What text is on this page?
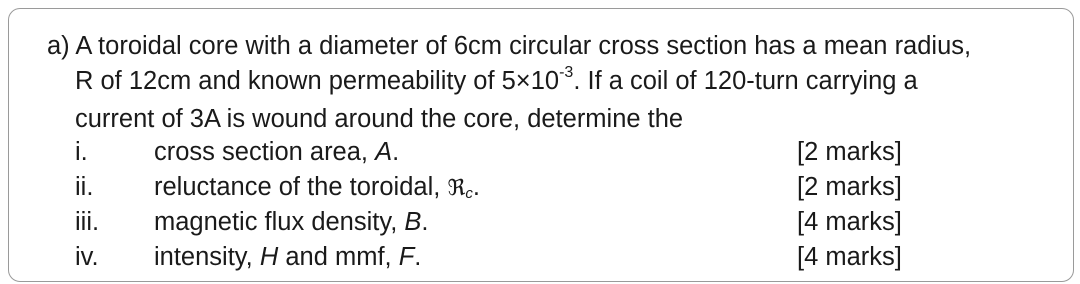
a) A toroidal core with a diameter of 6cm circular cross section has a mean radius,
R of 12cm and known permeability of $5\times 10^{-3}$. If a coil of 120-turn carrying a
current of 3A is wound around the core, determine the
i.	cross section area, A.	[2 marks]
ii. reluctance of the toroidal, ℜ$_c$.	[2 marks]
iii. magnetic flux density, B.	[4 marks]
iv. intensity, H and mmf, F.	[4 marks]
